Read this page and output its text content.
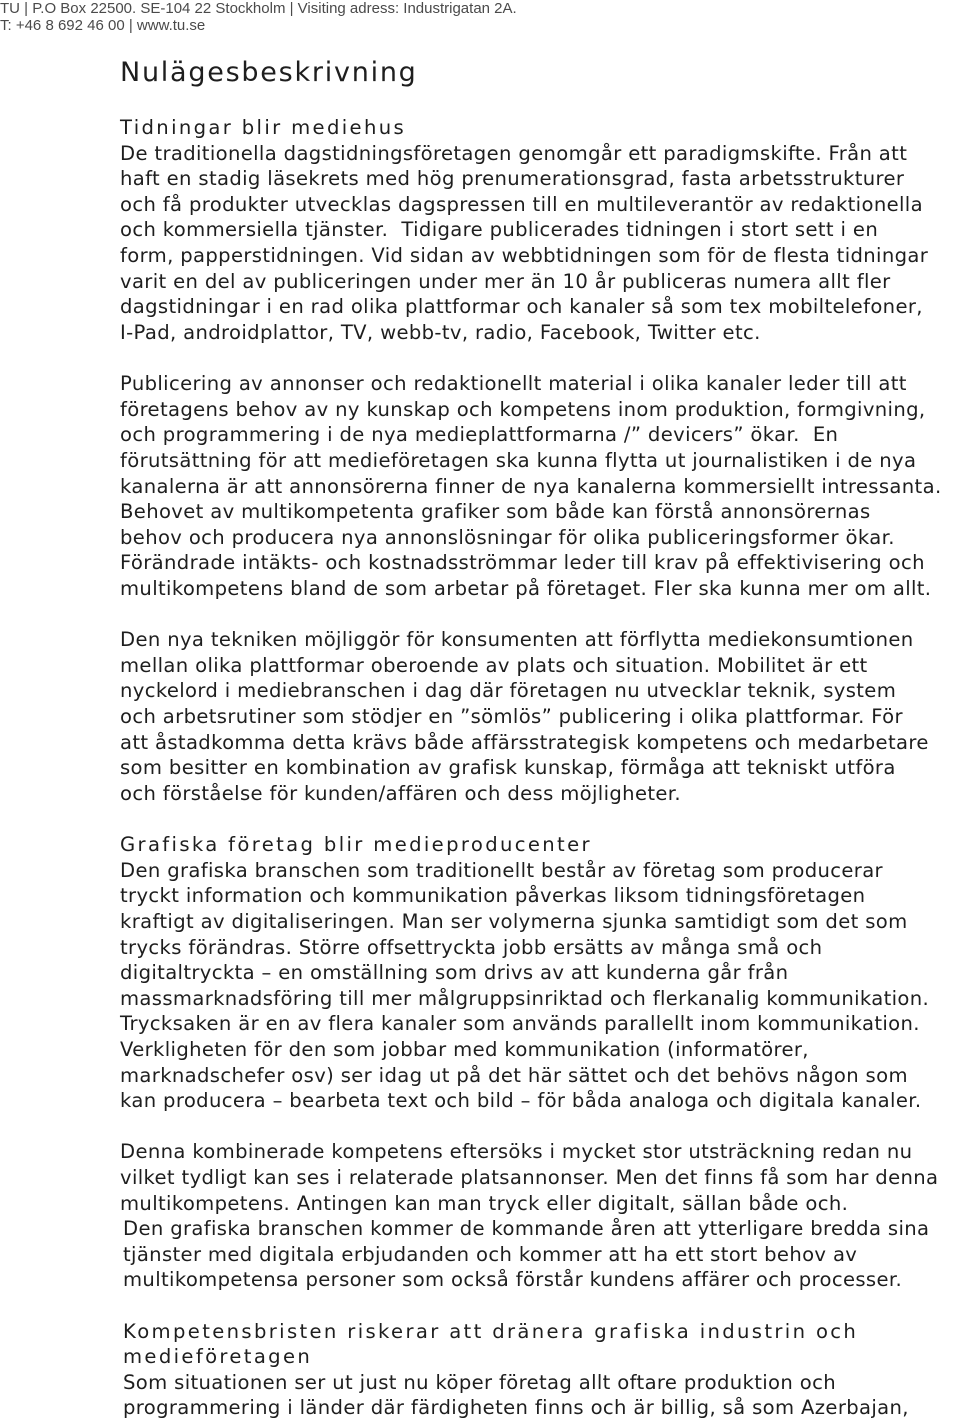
TU | P.O Box 22500. SE-104 22 Stockholm | Visiting adress: Industrigatan 2A.
T: +46 8 692 46 00 | www.tu.se
Nulägesbeskrivning
Tidningar blir mediehus

De traditionella dagstidningsföretagen genomgår ett paradigmskifte. Från att
haft en stadig läsekrets med hög prenumerationsgrad, fasta arbetsstrukturer
och få produkter utvecklas dagspressen till en multileverantör av redaktionella
och kommersiella tjänster.  Tidigare publicerades tidningen i stort sett i en
form, papperstidningen. Vid sidan av webbtidningen som för de flesta tidningar
varit en del av publiceringen under mer än 10 år publiceras numera allt fler
dagstidningar i en rad olika plattformar och kanaler så som tex mobiltelefoner,
I-Pad, androidplattor, TV, webb-tv, radio, Facebook, Twitter etc.

Publicering av annonser och redaktionellt material i olika kanaler leder till att
företagens behov av ny kunskap och kompetens inom produktion, formgivning,
och programmering i de nya medieplattformarna /” devicers” ökar.  En
förutsättning för att medieföretagen ska kunna flytta ut journalistiken i de nya
kanalerna är att annonsörerna finner de nya kanalerna kommersiellt intressanta.
Behovet av multikompetenta grafiker som både kan förstå annonsörernas
behov och producera nya annonslösningar för olika publiceringsformer ökar.
Förändrade intäkts- och kostnadsströmmar leder till krav på effektivisering och
multikompetens bland de som arbetar på företaget. Fler ska kunna mer om allt.

Den nya tekniken möjliggör för konsumenten att förflytta mediekonsumtionen
mellan olika plattformar oberoende av plats och situation. Mobilitet är ett
nyckelord i mediebranschen i dag där företagen nu utvecklar teknik, system
och arbetsrutiner som stödjer en ”sömlös” publicering i olika plattformar. För
att åstadkomma detta krävs både affärsstrategisk kompetens och medarbetare
som besitter en kombination av grafisk kunskap, förmåga att tekniskt utföra
och förståelse för kunden/affären och dess möjligheter.

Grafiska företag blir medieproducenter

Den grafiska branschen som traditionellt består av företag som producerar
tryckt information och kommunikation påverkas liksom tidningsföretagen
kraftigt av digitaliseringen. Man ser volymerna sjunka samtidigt som det som
trycks förändras. Större offsettryckta jobb ersätts av många små och
digitaltryckta – en omställning som drivs av att kunderna går från
massmarknadsföring till mer målgruppsinriktad och flerkanalig kommunikation.
Trycksaken är en av flera kanaler som används parallellt inom kommunikation.
Verkligheten för den som jobbar med kommunikation (informatörer,
marknadschefer osv) ser idag ut på det här sättet och det behövs någon som
kan producera – bearbeta text och bild – för båda analoga och digitala kanaler.

Denna kombinerade kompetens eftersöks i mycket stor utsträckning redan nu
vilket tydligt kan ses i relaterade platsannonser. Men det finns få som har denna
multikompetens. Antingen kan man tryck eller digitalt, sällan både och.

Den grafiska branschen kommer de kommande åren att ytterligare bredda sina
tjänster med digitala erbjudanden och kommer att ha ett stort behov av
multikompetensa personer som också förstår kundens affärer och processer.

Kompetensbristen riskerar att dränera grafiska industrin och
medieföretagen

Som situationen ser ut just nu köper företag allt oftare produktion och
programmering i länder där färdigheten finns och är billig, så som Azerbajan,
